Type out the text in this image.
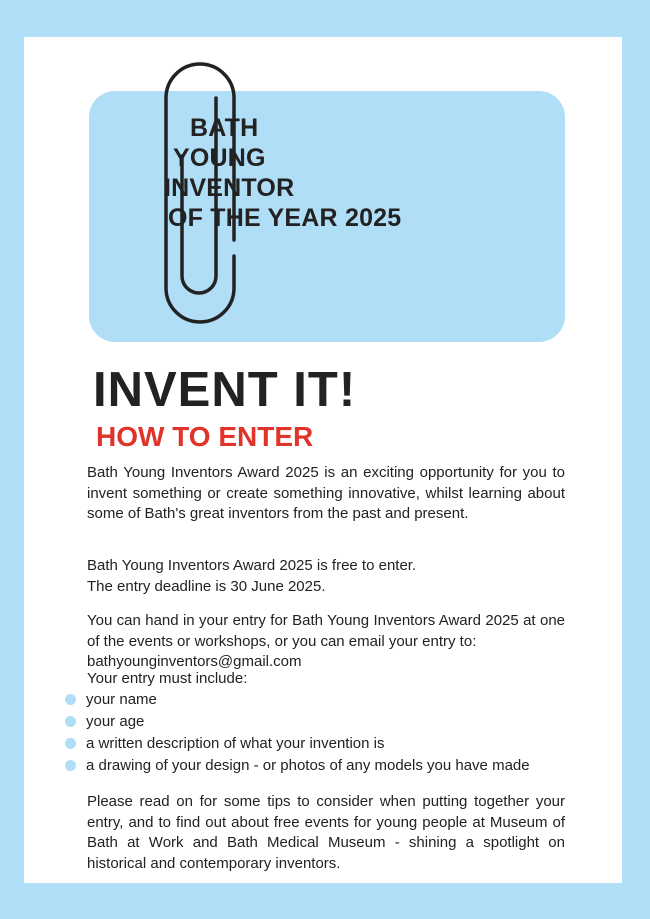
BATH

YOUNG

INVENTOR

OF THE YEAR 2025

INVENT IT!
HOW TO ENTER

Bath Young Inventors Award 2025 is an exciting opportunity for you to invent something or create something innovative, whilst learning about some of Bath's great inventors from the past and present.

Bath Young Inventors Award 2025 is free to enter.
The entry deadline is 30 June 2025.

You can hand in your entry for Bath Young Inventors Award 2025 at one of the events or workshops, or you can email your entry to:
bathyounginventors@gmail.com

Your entry must include:

your name
your age
a written description of what your invention is
a drawing of your design - or photos of any models you have made

Please read on for some tips to consider when putting together your entry, and to find out about free events for young people at Museum of Bath at Work and Bath Medical Museum - shining a spotlight on historical and contemporary inventors.
